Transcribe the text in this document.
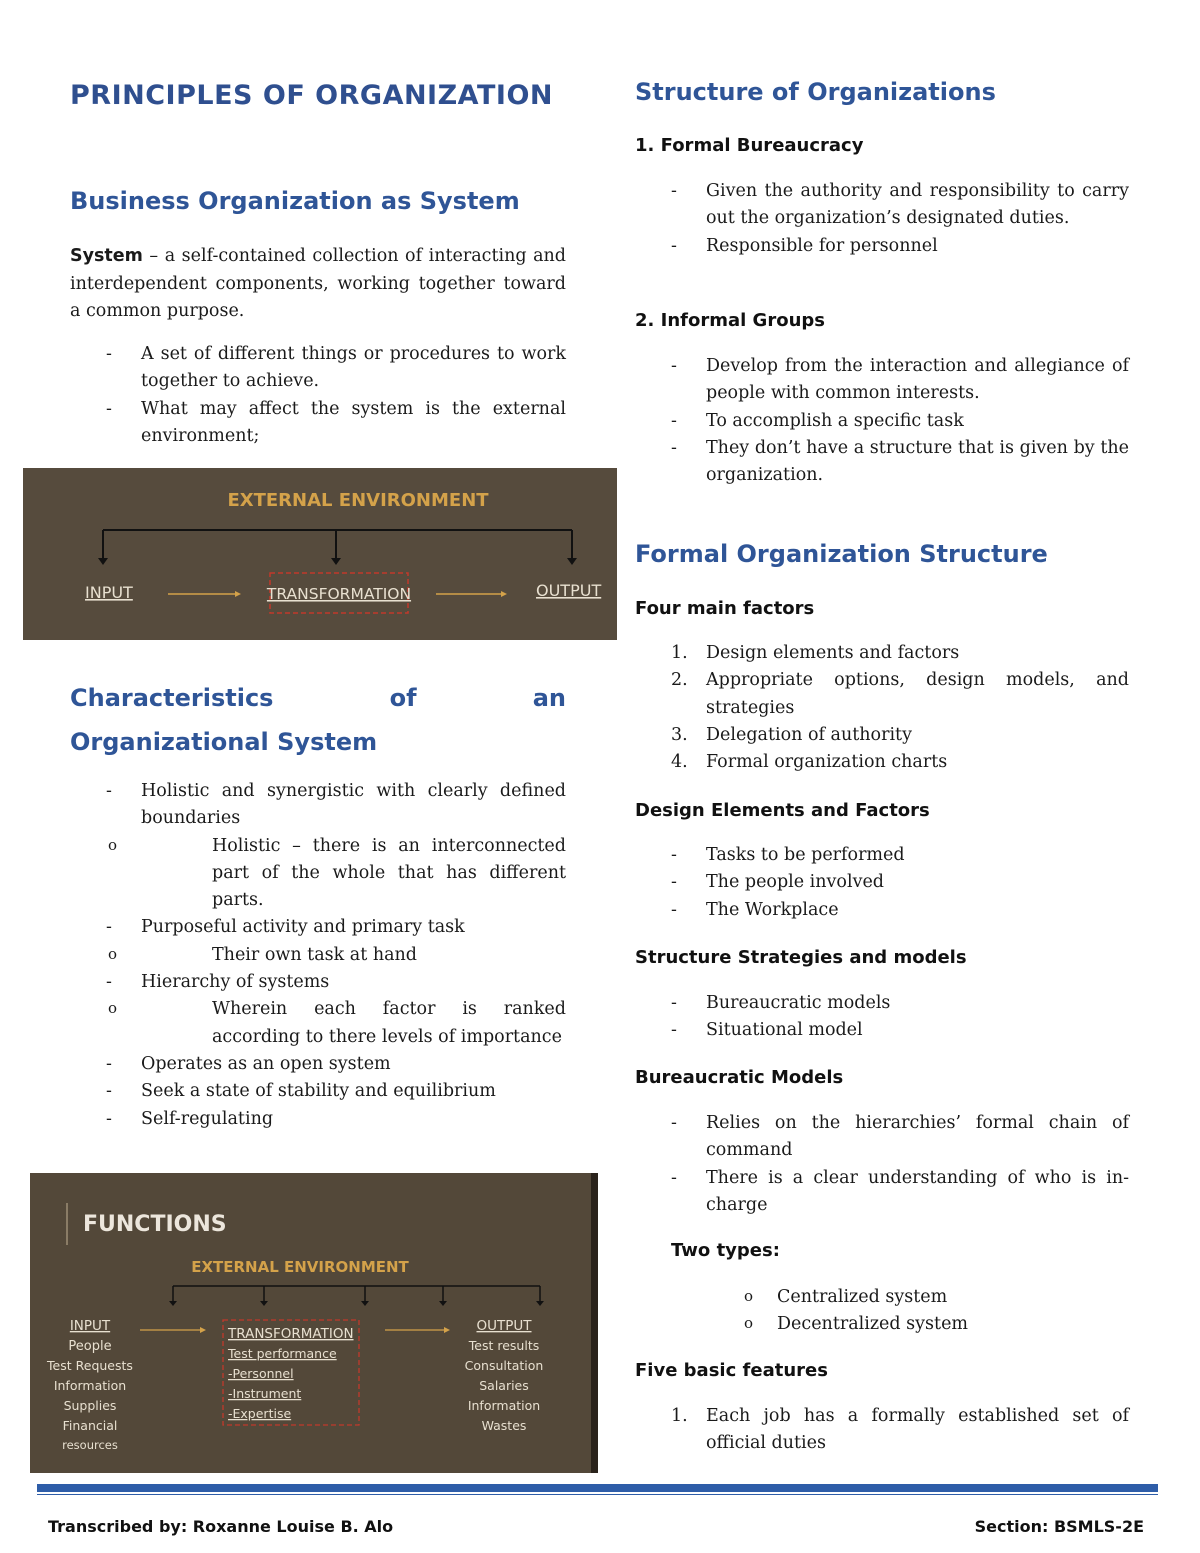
PRINCIPLES OF ORGANIZATION
Business Organization as System

System – a self-contained collection of interacting and interdependent components, working together toward a common purpose.

- A set of different things or procedures to work together to achieve.
- What may affect the system is the external environment;
EXTERNAL ENVIRONMENT
INPUT	TRANSFORMATION	OUTPUT
Characteristics	of	an
Organizational System
- Holistic and synergistic with clearly defined boundaries
o Holistic – there is an interconnected part of the whole that has different parts.
- Purposeful activity and primary task
o Their own task at hand
- Hierarchy of systems
o Wherein each factor is ranked according to there levels of importance
- Operates as an open system
- Seek a state of stability and equilibrium
- Self-regulating
FUNCTIONS
EXTERNAL ENVIRONMENT
INPUT
People
Test Requests
Information
Supplies
Financial
resources
TRANSFORMATION
Test performance
-Personnel
-Instrument
-Expertise
OUTPUT
Test results
Consultation
Salaries
Information
Wastes
Structure of Organizations
1. Formal Bureaucracy
- Given the authority and responsibility to carry out the organization’s designated duties.
- Responsible for personnel
2. Informal Groups
- Develop from the interaction and allegiance of people with common interests.
- To accomplish a specific task
- They don’t have a structure that is given by the organization.
Formal Organization Structure
Four main factors
1. Design elements and factors
2. Appropriate options, design models, and strategies
3. Delegation of authority
4. Formal organization charts
Design Elements and Factors
- Tasks to be performed
- The people involved
- The Workplace
Structure Strategies and models
- Bureaucratic models
- Situational model
Bureaucratic Models
- Relies on the hierarchies’ formal chain of command
- There is a clear understanding of who is in-charge
Two types:
o Centralized system
o Decentralized system
Five basic features
1. Each job has a formally established set of official duties
Transcribed by: Roxanne Louise B. Alo	Section: BSMLS-2E
